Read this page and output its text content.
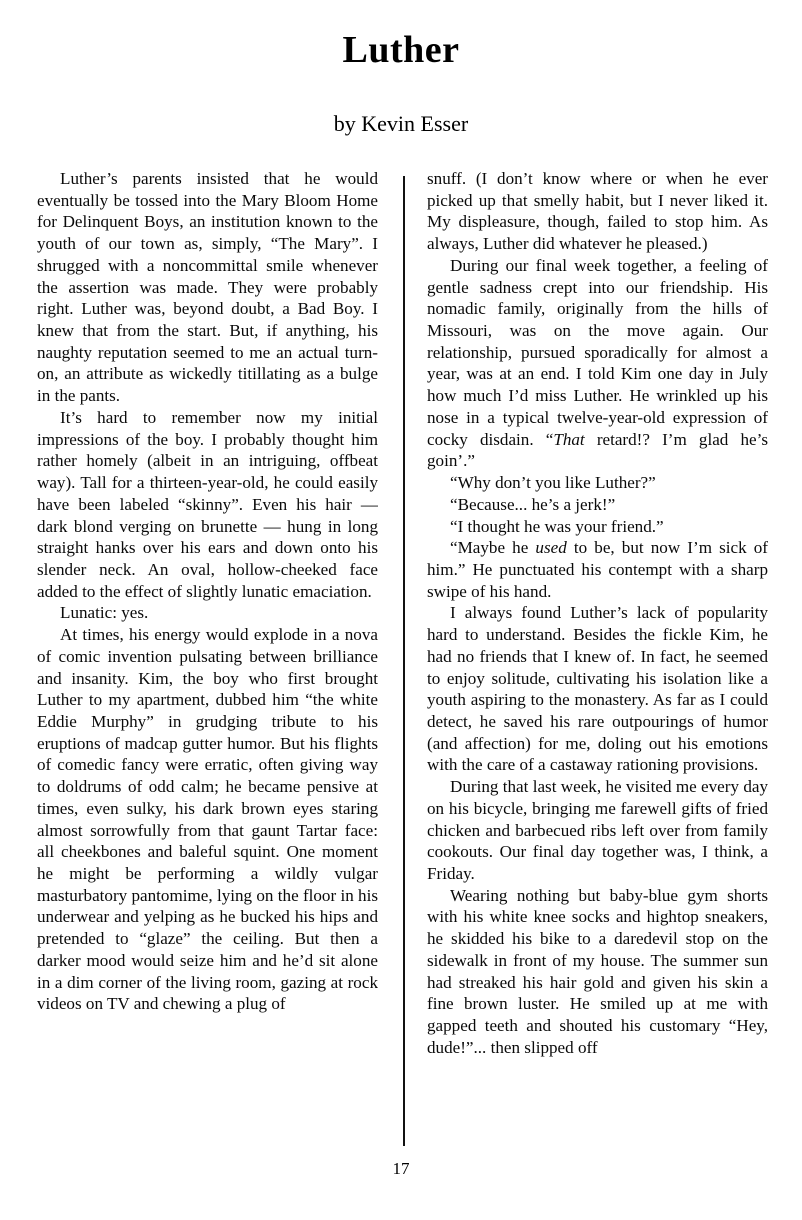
Luther
by Kevin Esser

Luther’s parents insisted that he would eventually be tossed into the Mary Bloom Home for Delinquent Boys, an institution known to the youth of our town as, simply, “The Mary”. I shrugged with a noncommittal smile whenever the assertion was made. They were probably right. Luther was, beyond doubt, a Bad Boy. I knew that from the start. But, if anything, his naughty reputation seemed to me an actual turn-on, an attribute as wickedly titillating as a bulge in the pants.

It’s hard to remember now my initial impressions of the boy. I probably thought him rather homely (albeit in an intriguing, offbeat way). Tall for a thirteen-year-old, he could easily have been labeled “skinny”. Even his hair — dark blond verging on brunette — hung in long straight hanks over his ears and down onto his slender neck. An oval, hollow-cheeked face added to the effect of slightly lunatic emaciation.

Lunatic: yes.

At times, his energy would explode in a nova of comic invention pulsating between brilliance and insanity. Kim, the boy who first brought Luther to my apartment, dubbed him “the white Eddie Murphy” in grudging tribute to his eruptions of madcap gutter humor. But his flights of comedic fancy were erratic, often giving way to doldrums of odd calm; he became pensive at times, even sulky, his dark brown eyes staring almost sorrowfully from that gaunt Tartar face: all cheekbones and baleful squint. One moment he might be performing a wildly vulgar masturbatory pantomime, lying on the floor in his underwear and yelping as he bucked his hips and pretended to “glaze” the ceiling. But then a darker mood would seize him and he’d sit alone in a dim corner of the living room, gazing at rock videos on TV and chewing a plug of

snuff. (I don’t know where or when he ever picked up that smelly habit, but I never liked it. My displeasure, though, failed to stop him. As always, Luther did whatever he pleased.)

During our final week together, a feeling of gentle sadness crept into our friendship. His nomadic family, originally from the hills of Missouri, was on the move again. Our relationship, pursued sporadically for almost a year, was at an end. I told Kim one day in July how much I’d miss Luther. He wrinkled up his nose in a typical twelve-year-old expression of cocky disdain. “That retard!? I’m glad he’s goin’.”

“Why don’t you like Luther?”

“Because... he’s a jerk!”

“I thought he was your friend.”

“Maybe he used to be, but now I’m sick of him.” He punctuated his contempt with a sharp swipe of his hand.

I always found Luther’s lack of popularity hard to understand. Besides the fickle Kim, he had no friends that I knew of. In fact, he seemed to enjoy solitude, cultivating his isolation like a youth aspiring to the monastery. As far as I could detect, he saved his rare outpourings of humor (and affection) for me, doling out his emotions with the care of a castaway rationing provisions.

During that last week, he visited me every day on his bicycle, bringing me farewell gifts of fried chicken and barbecued ribs left over from family cookouts. Our final day together was, I think, a Friday.

Wearing nothing but baby-blue gym shorts with his white knee socks and hightop sneakers, he skidded his bike to a daredevil stop on the sidewalk in front of my house. The summer sun had streaked his hair gold and given his skin a fine brown luster. He smiled up at me with gapped teeth and shouted his customary “Hey, dude!”... then slipped off

17
